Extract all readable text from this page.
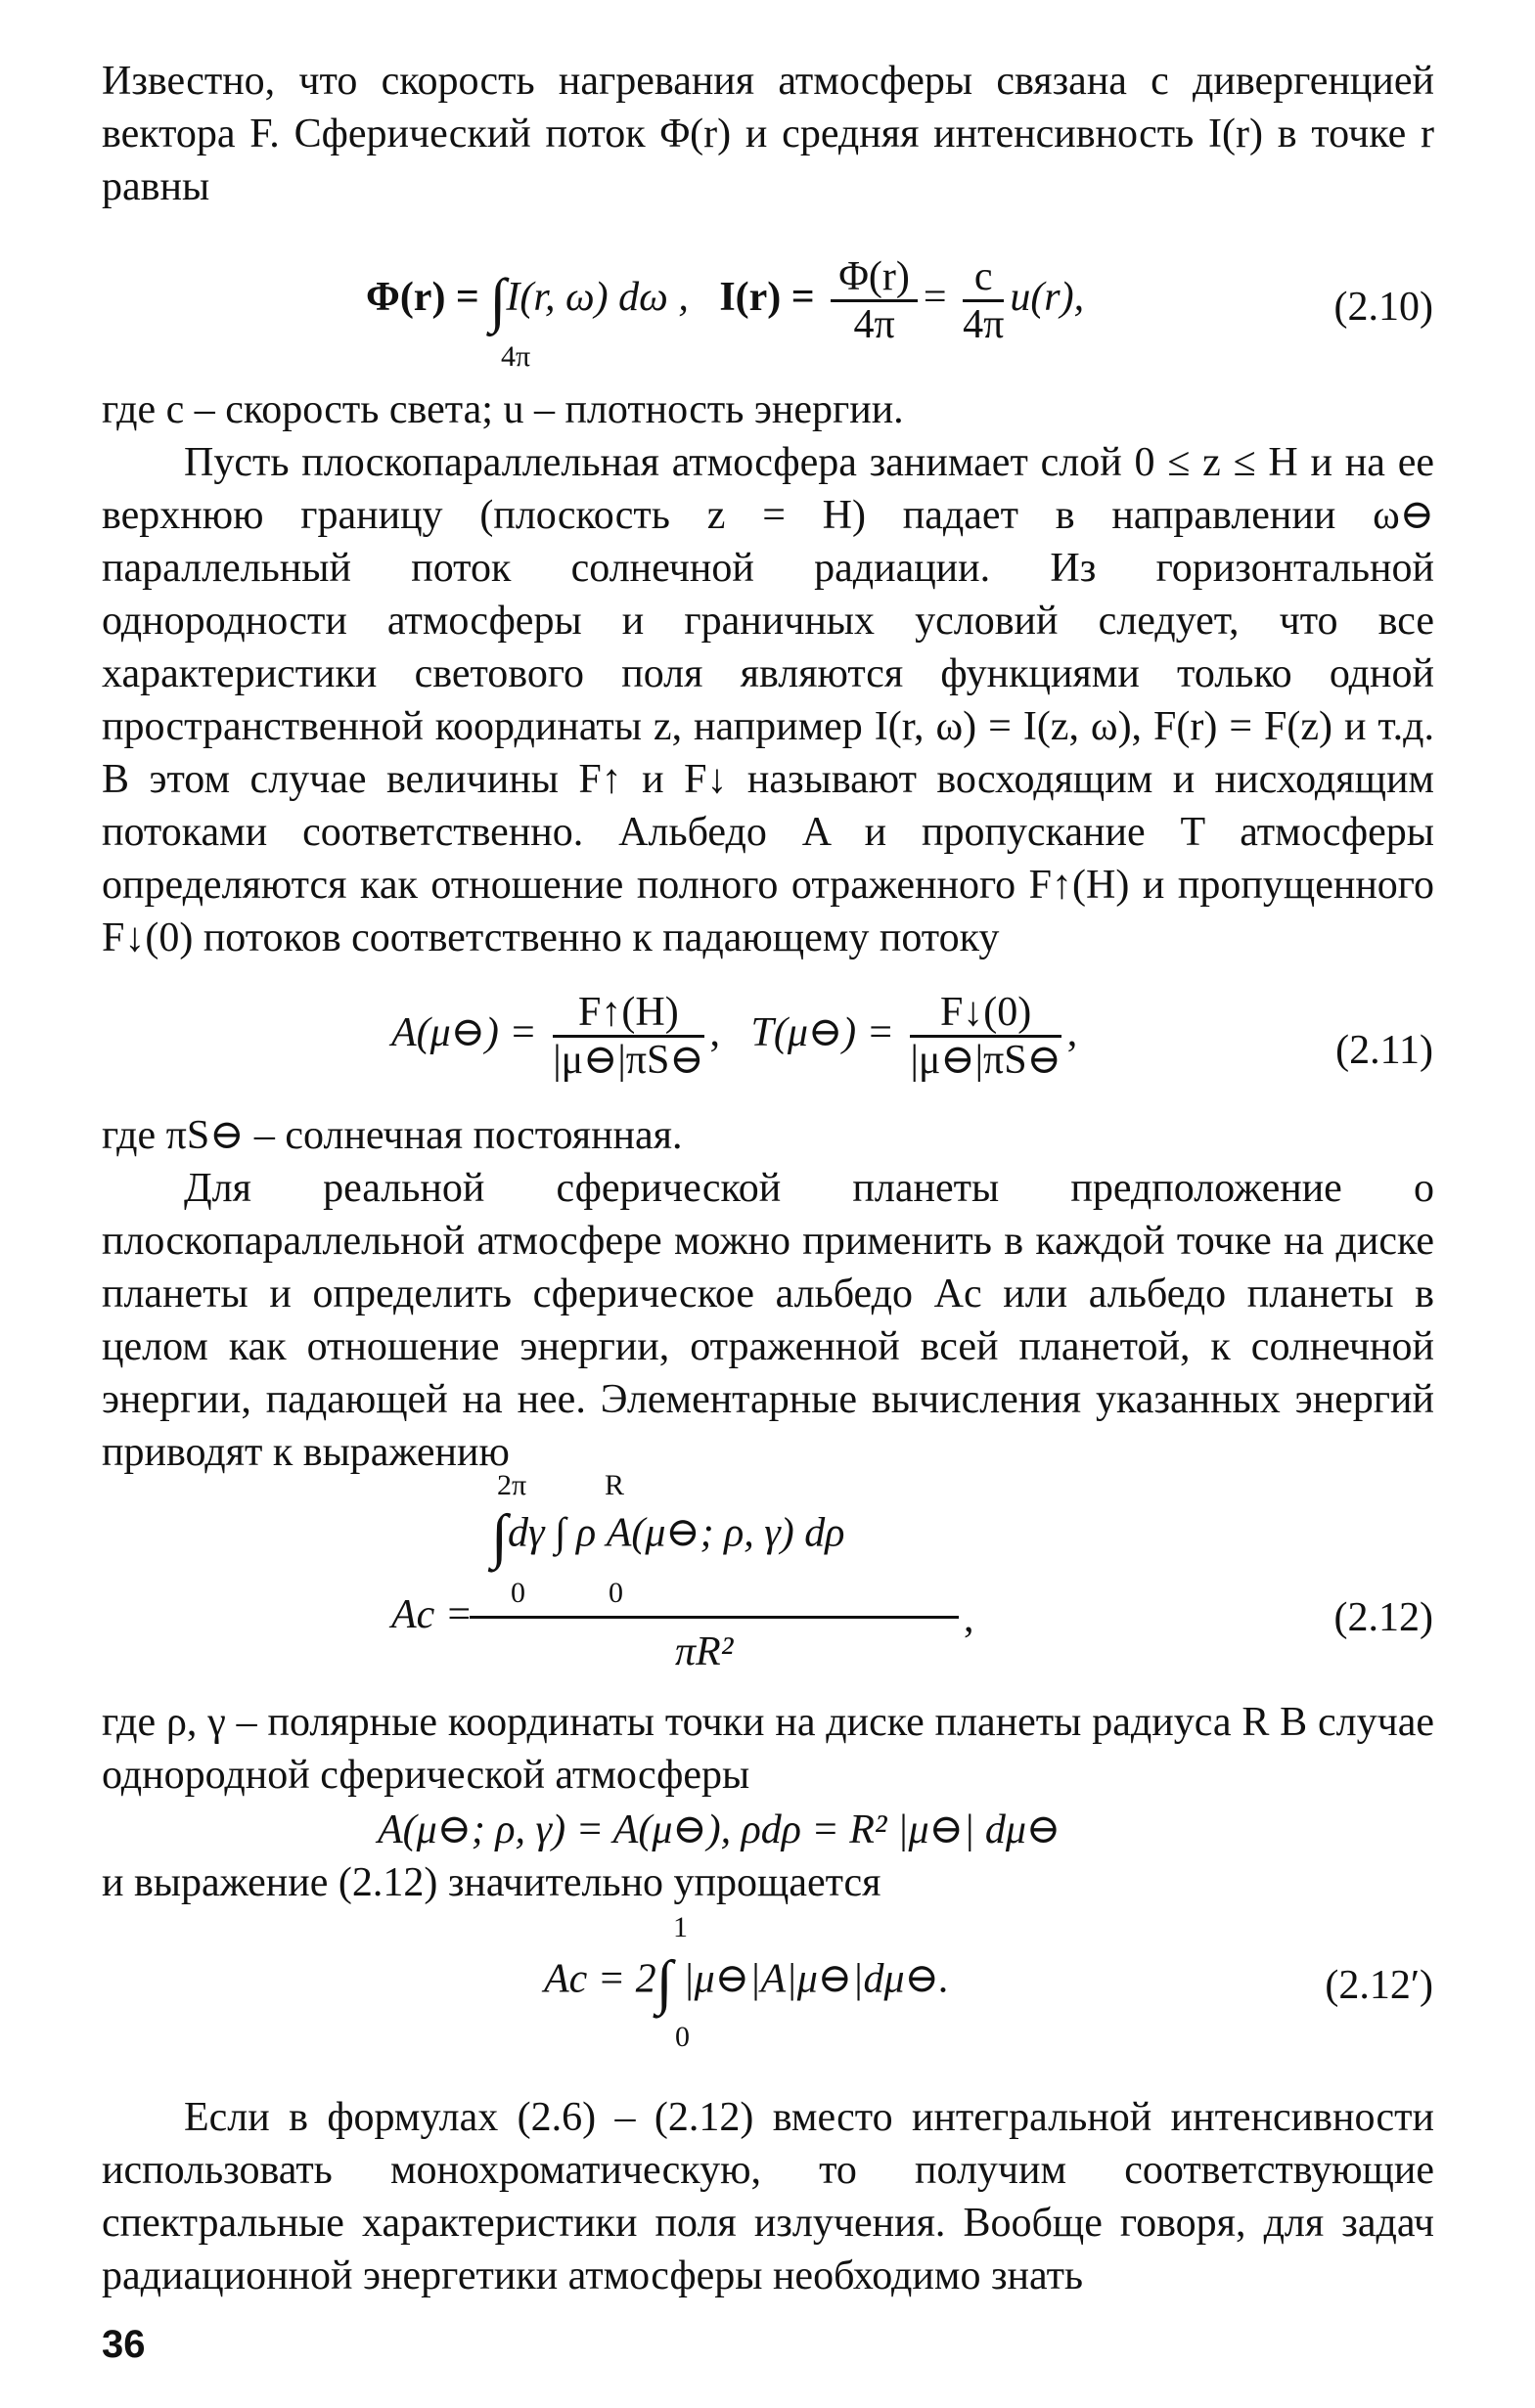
Известно, что скорость нагревания атмосферы связана с дивергенцией вектора F. Сферический поток Φ(r) и средняя интенсивность I(r) в точке r равны

Φ(r) = ∫I(r, ω) dω , $I(r) = \frac{\Phi(r)}{4\pi} = \frac{c}{4\pi} u(r)$,
4π
(2.10)

где c – скорость света; u – плотность энергии.

Пусть плоскопараллельная атмосфера занимает слой 0 ≤ z ≤ H и на ее верхнюю границу (плоскость z = H) падает в направлении ω⊖ параллельный поток солнечной радиации. Из горизонтальной однородности атмосферы и граничных условий следует, что все характеристики светового поля являются функциями только одной пространственной координаты z, например I(r, ω) = I(z, ω), F(r) = F(z) и т.д. В этом случае величины F↑ и F↓ называют восходящим и нисходящим потоками соответственно. Альбедо A и пропускание T атмосферы определяются как отношение полного отраженного F↑(H) и пропущенного F↓(0) потоков соответственно к падающему потоку

A(μ⊖) = $\frac{F↑(H)}{|\mu⊖|\pi S⊖}$ ,   T(μ⊖) = $\frac{F↓(0)}{|\mu⊖|\pi S⊖}$ ,	(2.11)

где πS⊖ – солнечная постоянная.

Для реальной сферической планеты предположение о плоскопараллельной атмосфере можно применить в каждой точке на диске планеты и определить сферическое альбедо Ac или альбедо планеты в целом как отношение энергии, отраженной всей планетой, к солнечной энергии, падающей на нее. Элементарные вычисления указанных энергий приводят к выражению

2π	R
∫dγ ∫ ρ A(μ⊖; ρ, γ) dρ
0	0
Ac =
πR²
,	(2.12)

где ρ, γ – полярные координаты точки на диске планеты радиуса R В случае однородной сферической атмосферы

A(μ⊖; ρ, γ) = A(μ⊖), ρdρ = R² |μ⊖| dμ⊖

и выражение (2.12) значительно упрощается

1
Ac = 2∫ |μ⊖|A|μ⊖|dμ⊖.
0
(2.12′)

Если в формулах (2.6) – (2.12) вместо интегральной интенсивности использовать монохроматическую, то получим соответствующие спектральные характеристики поля излучения. Вообще говоря, для задач радиационной энергетики атмосферы необходимо знать

36
